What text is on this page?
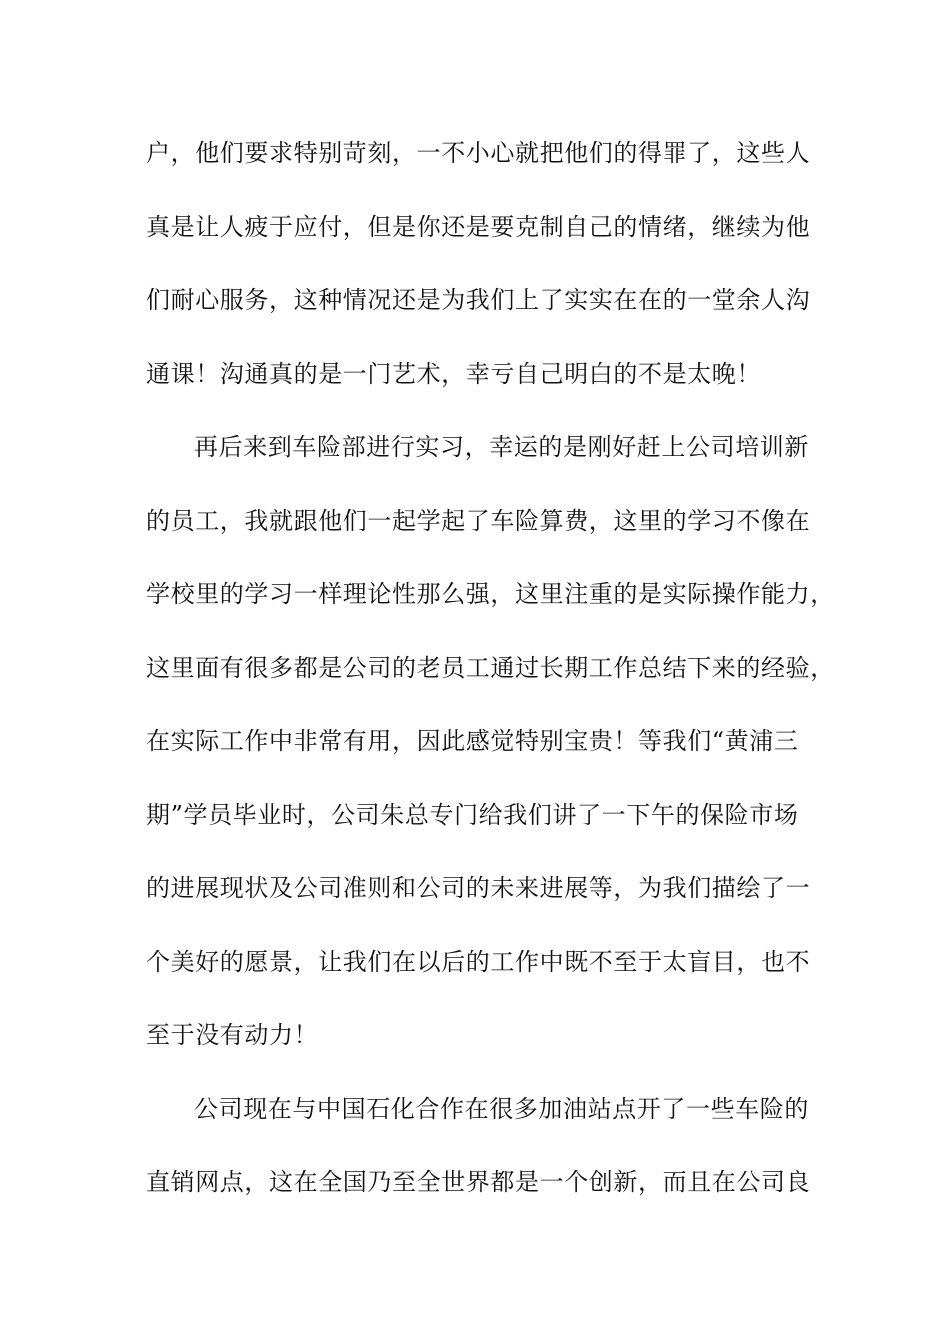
户，他们要求特别苛刻，一不小心就把他们的得罪了，这些人
真是让人疲于应付，但是你还是要克制自己的情绪，继续为他
们耐心服务，这种情况还是为我们上了实实在在的一堂余人沟
通课！沟通真的是一门艺术，幸亏自己明白的不是太晚！
再后来到车险部进行实习，幸运的是刚好赶上公司培训新
的员工，我就跟他们一起学起了车险算费，这里的学习不像在
学校里的学习一样理论性那么强，这里注重的是实际操作能力，
这里面有很多都是公司的老员工通过长期工作总结下来的经验，
在实际工作中非常有用，因此感觉特别宝贵！等我们“黄浦三
期”学员毕业时，公司朱总专门给我们讲了一下午的保险市场
的进展现状及公司准则和公司的未来进展等，为我们描绘了一
个美好的愿景，让我们在以后的工作中既不至于太盲目，也不
至于没有动力！
公司现在与中国石化合作在很多加油站点开了一些车险的
直销网点，这在全国乃至全世界都是一个创新，而且在公司良
